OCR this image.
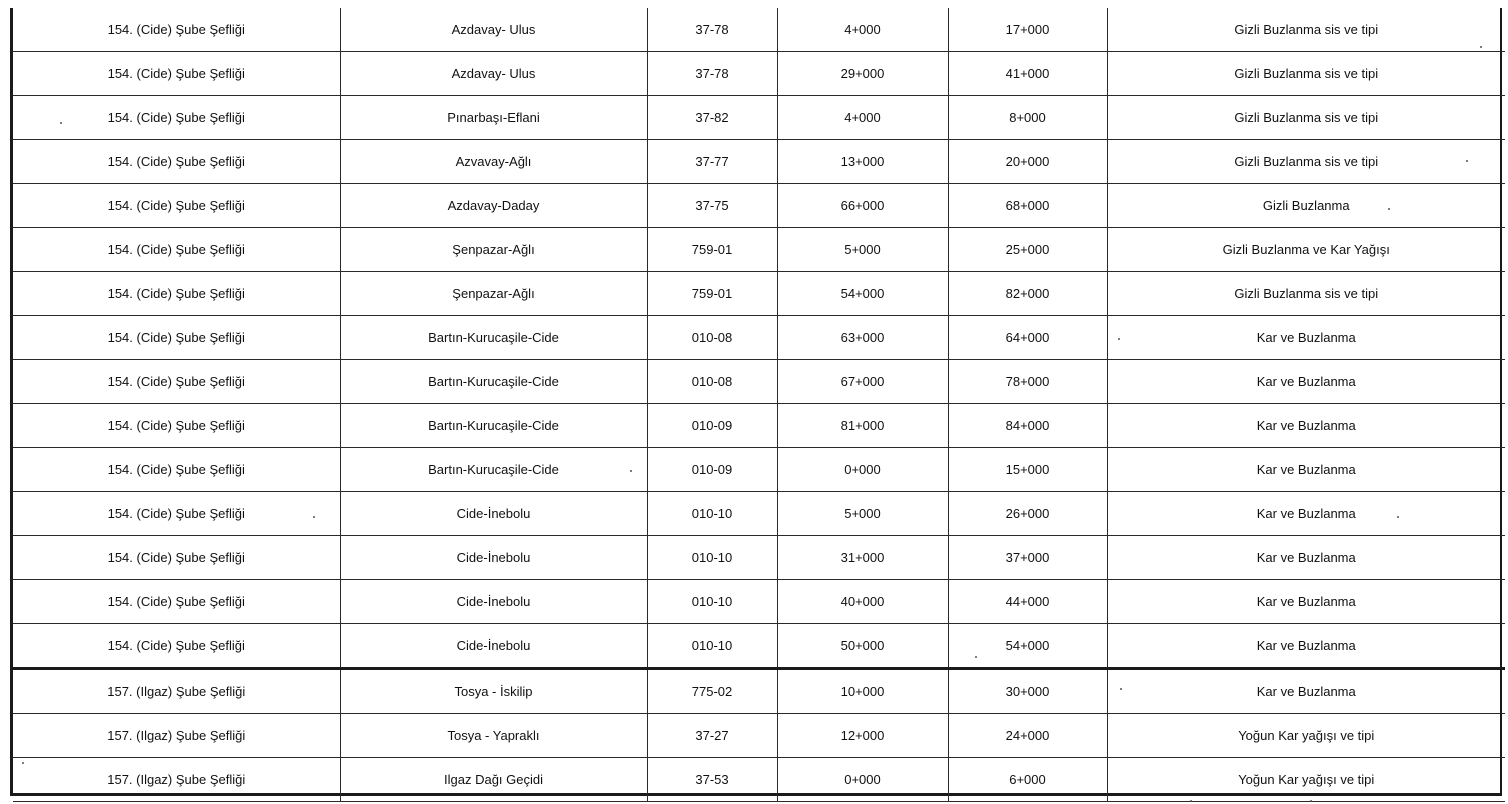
154. (Cide) Şube Şefliği	Azdavay- Ulus	37-78	4+000	17+000	Gizli Buzlanma sis ve tipi
154. (Cide) Şube Şefliği	Azdavay- Ulus	37-78	29+000	41+000	Gizli Buzlanma sis ve tipi
154. (Cide) Şube Şefliği	Pınarbaşı-Eflani	37-82	4+000	8+000	Gizli Buzlanma sis ve tipi
154. (Cide) Şube Şefliği	Azvavay-Ağlı	37-77	13+000	20+000	Gizli Buzlanma sis ve tipi
154. (Cide) Şube Şefliği	Azdavay-Daday	37-75	66+000	68+000	Gizli Buzlanma
154. (Cide) Şube Şefliği	Şenpazar-Ağlı	759-01	5+000	25+000	Gizli Buzlanma ve Kar Yağışı
154. (Cide) Şube Şefliği	Şenpazar-Ağlı	759-01	54+000	82+000	Gizli Buzlanma sis ve tipi
154. (Cide) Şube Şefliği	Bartın-Kurucaşile-Cide	010-08	63+000	64+000	Kar ve Buzlanma
154. (Cide) Şube Şefliği	Bartın-Kurucaşile-Cide	010-08	67+000	78+000	Kar ve Buzlanma
154. (Cide) Şube Şefliği	Bartın-Kurucaşile-Cide	010-09	81+000	84+000	Kar ve Buzlanma
154. (Cide) Şube Şefliği	Bartın-Kurucaşile-Cide	010-09	0+000	15+000	Kar ve Buzlanma
154. (Cide) Şube Şefliği	Cide-İnebolu	010-10	5+000	26+000	Kar ve Buzlanma
154. (Cide) Şube Şefliği	Cide-İnebolu	010-10	31+000	37+000	Kar ve Buzlanma
154. (Cide) Şube Şefliği	Cide-İnebolu	010-10	40+000	44+000	Kar ve Buzlanma
154. (Cide) Şube Şefliği	Cide-İnebolu	010-10	50+000	54+000	Kar ve Buzlanma
157. (Ilgaz) Şube Şefliği	Tosya - İskilip	775-02	10+000	30+000	Kar ve Buzlanma
157. (Ilgaz) Şube Şefliği	Tosya - Yapraklı	37-27	12+000	24+000	Yoğun Kar yağışı ve tipi
157. (Ilgaz) Şube Şefliği	Ilgaz Dağı Geçidi	37-53	0+000	6+000	Yoğun Kar yağışı ve tipi
